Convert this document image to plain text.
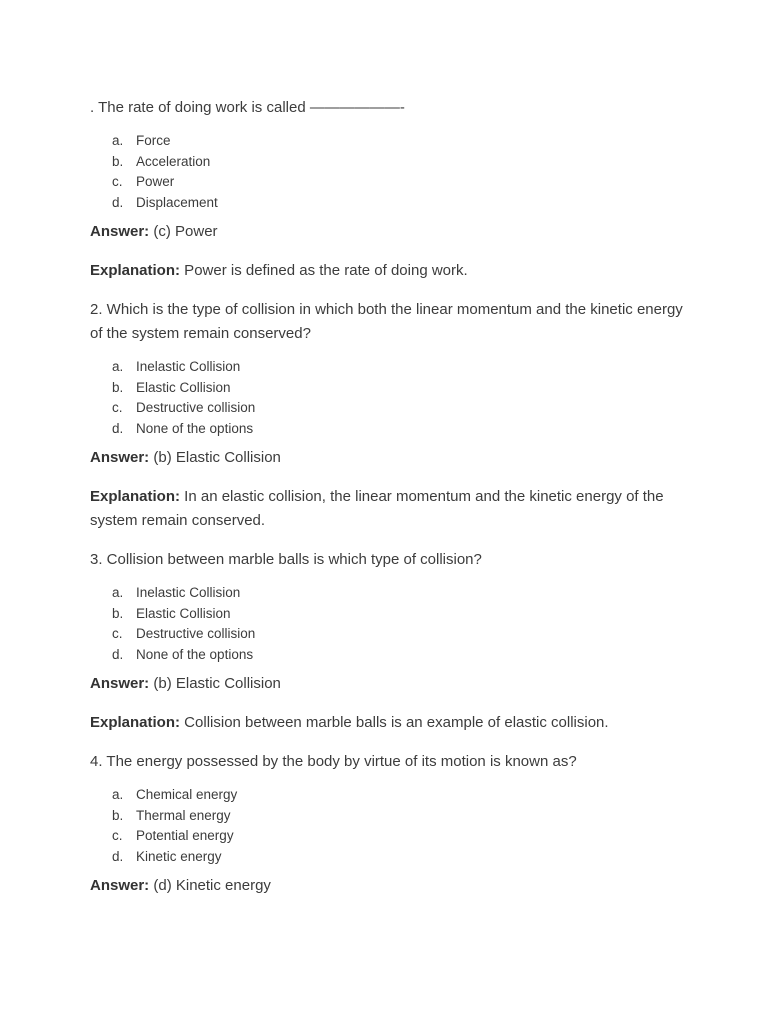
. The rate of doing work is called ——————-

a. Force
b. Acceleration
c. Power
d. Displacement

Answer: (c) Power

Explanation: Power is defined as the rate of doing work.

2. Which is the type of collision in which both the linear momentum and the kinetic energy of the system remain conserved?

a. Inelastic Collision
b. Elastic Collision
c. Destructive collision
d. None of the options

Answer: (b) Elastic Collision

Explanation: In an elastic collision, the linear momentum and the kinetic energy of the system remain conserved.

3. Collision between marble balls is which type of collision?

a. Inelastic Collision
b. Elastic Collision
c. Destructive collision
d. None of the options

Answer: (b) Elastic Collision

Explanation: Collision between marble balls is an example of elastic collision.

4. The energy possessed by the body by virtue of its motion is known as?

a. Chemical energy
b. Thermal energy
c. Potential energy
d. Kinetic energy

Answer: (d) Kinetic energy
